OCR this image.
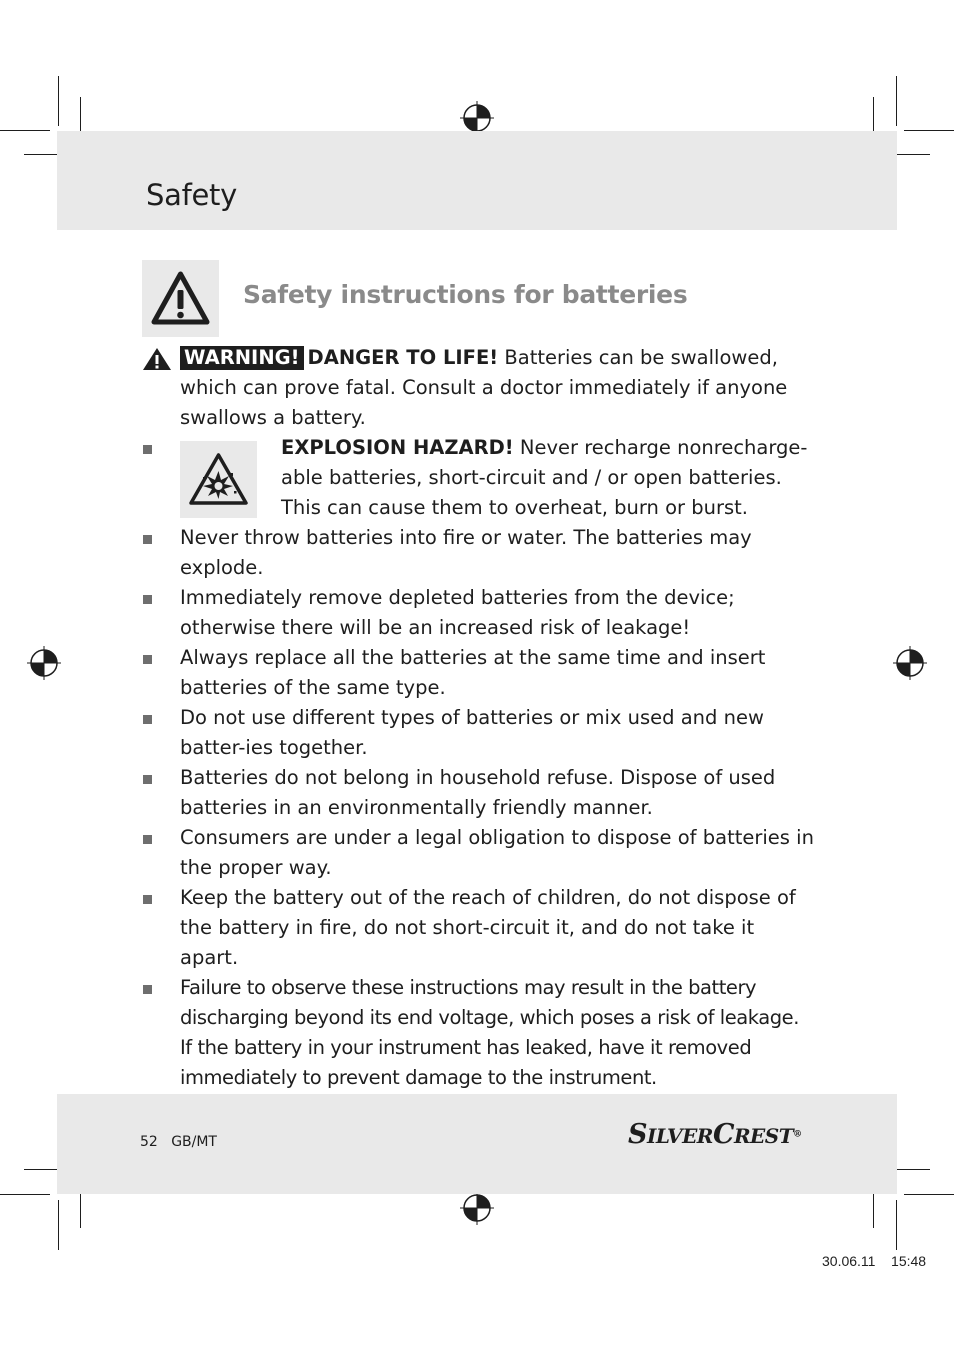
Safety
Safety instructions for batteries

WARNING! DANGER TO LIFE! Batteries can be swallowed, which can prove fatal. Consult a doctor immediately if anyone swallows a battery.

EXPLOSION HAZARD! Never recharge nonrecharge-able batteries, short-circuit and / or open batteries. This can cause them to overheat, burn or burst.

Never throw batteries into fire or water. The batteries may explode.

Immediately remove depleted batteries from the device; otherwise there will be an increased risk of leakage!

Always replace all the batteries at the same time and insert batteries of the same type.

Do not use different types of batteries or mix used and new batter-ies together.

Batteries do not belong in household refuse. Dispose of used batteries in an environmentally friendly manner.

Consumers are under a legal obligation to dispose of batteries in the proper way.

Keep the battery out of the reach of children, do not dispose of the battery in fire, do not short-circuit it, and do not take it apart.

Failure to observe these instructions may result in the battery discharging beyond its end voltage, which poses a risk of leakage. If the battery in your instrument has leaked, have it removed immediately to prevent damage to the instrument.

52 GB/MT	SILVERCREST®
30.06.11 15:48
